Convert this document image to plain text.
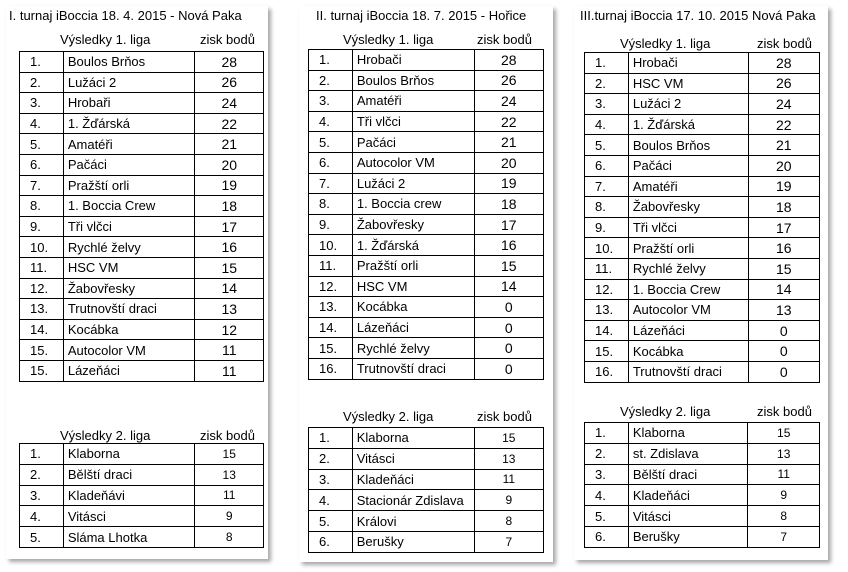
I. turnaj iBoccia 18. 4. 2015 - Nová Paka
Výsledky 1. liga	zisk bodů
1.	Boulos Brňos	28
2.	Lužáci 2	26
3.	Hrobaři	24
4.	1. Žďárská	22
5.	Amatéři	21
6.	Pačáci	20
7.	Pražští orli	19
8.	1. Boccia Crew	18
9.	Tři vlčci	17
10.	Rychlé želvy	16
11.	HSC VM	15
12.	Žabovřesky	14
13.	Trutnovští draci	13
14.	Kocábka	12
15.	Autocolor VM	11
15.	Lázeňáci	11
Výsledky 2. liga	zisk bodů
1.	Klaborna	15
2.	Bělští draci	13
3.	Kladeňávi	11
4.	Vitásci	9
5.	Sláma Lhotka	8
II. turnaj iBoccia 18. 7. 2015 - Hořice
Výsledky 1. liga	zisk bodů
1.	Hrobači	28
2.	Boulos Brňos	26
3.	Amatéři	24
4.	Tři vlčci	22
5.	Pačáci	21
6.	Autocolor VM	20
7.	Lužáci 2	19
8.	1. Boccia crew	18
9.	Žabovřesky	17
10.	1. Žďárská	16
11.	Pražští orli	15
12.	HSC VM	14
13.	Kocábka	0
14.	Lázeňáci	0
15.	Rychlé želvy	0
16.	Trutnovští draci	0
Výsledky 2. liga	zisk bodů
1.	Klaborna	15
2.	Vitásci	13
3.	Kladeňáci	11
4.	Stacionár Zdislava	9
5.	Královi	8
6.	Berušky	7
III.turnaj iBoccia 17. 10. 2015 Nová Paka
Výsledky 1. liga	zisk bodů
1.	Hrobači	28
2.	HSC VM	26
3.	Lužáci 2	24
4.	1. Žďárská	22
5.	Boulos Brňos	21
6.	Pačáci	20
7.	Amatéři	19
8.	Žabovřesky	18
9.	Tři vlčci	17
10.	Pražští orli	16
11.	Rychlé želvy	15
12.	1. Boccia Crew	14
13.	Autocolor VM	13
14.	Lázeňáci	0
15.	Kocábka	0
16.	Trutnovští draci	0
Výsledky 2. liga	zisk bodů
1.	Klaborna	15
2.	st. Zdislava	13
3.	Bělští draci	11
4.	Kladeňáci	9
5.	Vitásci	8
6.	Berušky	7
